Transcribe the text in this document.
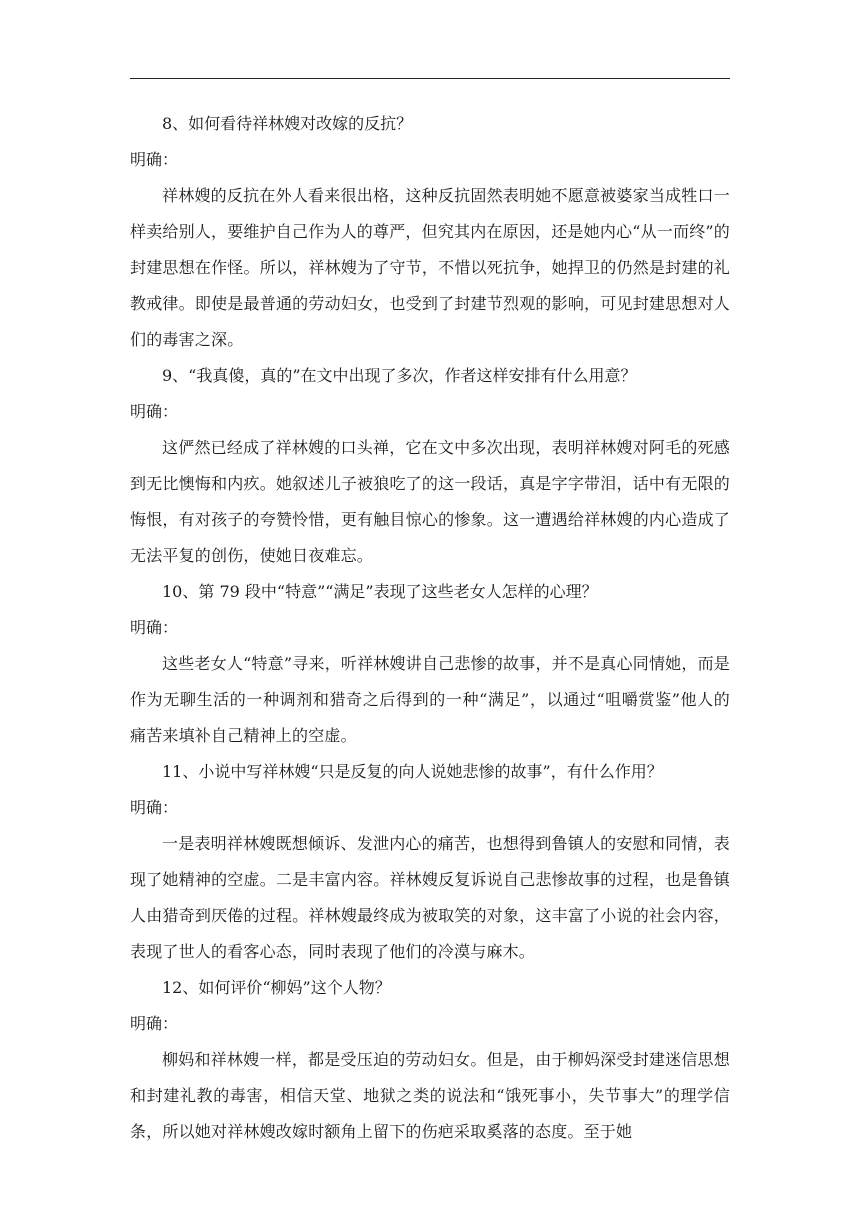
8、如何看待祥林嫂对改嫁的反抗？

明确：

祥林嫂的反抗在外人看来很出格，这种反抗固然表明她不愿意被婆家当成牲口一样卖给别人，要维护自己作为人的尊严，但究其内在原因，还是她内心“从一而终”的封建思想在作怪。所以，祥林嫂为了守节，不惜以死抗争，她捍卫的仍然是封建的礼教戒律。即使是最普通的劳动妇女，也受到了封建节烈观的影响，可见封建思想对人们的毒害之深。

9、“我真傻，真的”在文中出现了多次，作者这样安排有什么用意？

明确：

这俨然已经成了祥林嫂的口头禅，它在文中多次出现，表明祥林嫂对阿毛的死感到无比懊悔和内疚。她叙述儿子被狼吃了的这一段话，真是字字带泪，话中有无限的悔恨，有对孩子的夸赞怜惜，更有触目惊心的惨象。这一遭遇给祥林嫂的内心造成了无法平复的创伤，使她日夜难忘。

10、第 79 段中“特意”“满足”表现了这些老女人怎样的心理？

明确：

这些老女人“特意”寻来，听祥林嫂讲自己悲惨的故事，并不是真心同情她，而是作为无聊生活的一种调剂和猎奇之后得到的一种“满足”，以通过“咀嚼赏鉴”他人的痛苦来填补自己精神上的空虚。

11、小说中写祥林嫂“只是反复的向人说她悲惨的故事”，有什么作用？

明确：

一是表明祥林嫂既想倾诉、发泄内心的痛苦，也想得到鲁镇人的安慰和同情，表现了她精神的空虚。二是丰富内容。祥林嫂反复诉说自己悲惨故事的过程，也是鲁镇人由猎奇到厌倦的过程。祥林嫂最终成为被取笑的对象，这丰富了小说的社会内容，表现了世人的看客心态，同时表现了他们的冷漠与麻木。

12、如何评价“柳妈”这个人物？

明确：

柳妈和祥林嫂一样，都是受压迫的劳动妇女。但是，由于柳妈深受封建迷信思想和封建礼教的毒害，相信天堂、地狱之类的说法和“饿死事小，失节事大”的理学信条，所以她对祥林嫂改嫁时额角上留下的伤疤采取奚落的态度。至于她
